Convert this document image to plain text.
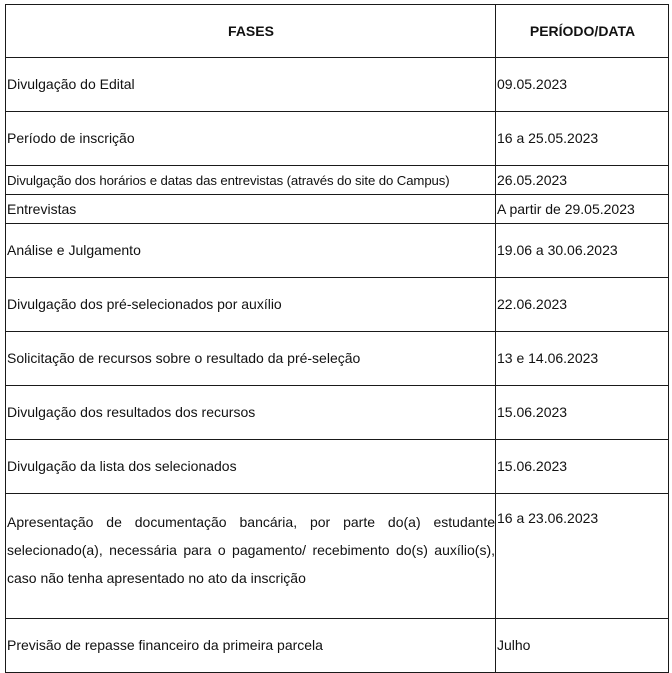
FASES	PERÍODO/DATA
Divulgação do Edital	09.05.2023
Período de inscrição	16 a 25.05.2023
Divulgação dos horários e datas das entrevistas (através do site do Campus)	26.05.2023
Entrevistas	A partir de 29.05.2023
Análise e Julgamento	19.06 a 30.06.2023
Divulgação dos pré-selecionados por auxílio	22.06.2023
Solicitação de recursos sobre o resultado da pré-seleção	13 e 14.06.2023
Divulgação dos resultados dos recursos	15.06.2023
Divulgação da lista dos selecionados	15.06.2023
Apresentação de documentação bancária, por parte do(a) estudante selecionado(a), necessária para o pagamento/ recebimento do(s) auxílio(s), caso não tenha apresentado no ato da inscrição	16 a 23.06.2023
Previsão de repasse financeiro da primeira parcela	Julho
